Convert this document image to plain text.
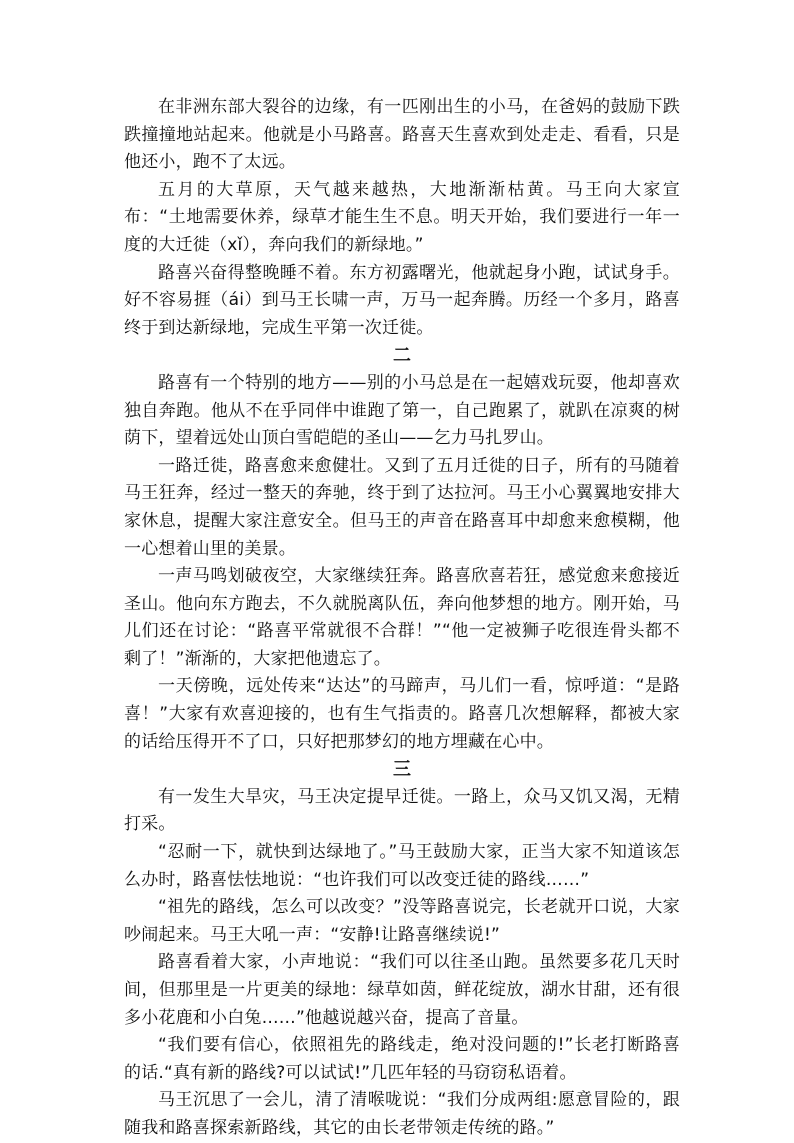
在非洲东部大裂谷的边缘，有一匹刚出生的小马，在爸妈的鼓励下跌跌撞撞地站起来。他就是小马路喜。路喜天生喜欢到处走走、看看，只是他还小，跑不了太远。

五月的大草原，天气越来越热，大地渐渐枯黄。马王向大家宣布：“土地需要休养，绿草才能生生不息。明天开始，我们要进行一年一度的大迁徙（xǐ），奔向我们的新绿地。”

路喜兴奋得整晚睡不着。东方初露曙光，他就起身小跑，试试身手。好不容易捱（ái）到马王长啸一声，万马一起奔腾。历经一个多月，路喜终于到达新绿地，完成生平第一次迁徙。

二

路喜有一个特别的地方——别的小马总是在一起嬉戏玩耍，他却喜欢独自奔跑。他从不在乎同伴中谁跑了第一，自己跑累了，就趴在凉爽的树荫下，望着远处山顶白雪皑皑的圣山——乞力马扎罗山。

一路迁徙，路喜愈来愈健壮。又到了五月迁徙的日子，所有的马随着马王狂奔，经过一整天的奔驰，终于到了达拉河。马王小心翼翼地安排大家休息，提醒大家注意安全。但马王的声音在路喜耳中却愈来愈模糊，他一心想着山里的美景。

一声马鸣划破夜空，大家继续狂奔。路喜欣喜若狂，感觉愈来愈接近圣山。他向东方跑去，不久就脱离队伍，奔向他梦想的地方。刚开始，马儿们还在讨论：“路喜平常就很不合群！”“他一定被狮子吃很连骨头都不剩了！”渐渐的，大家把他遗忘了。

一天傍晚，远处传来“达达”的马蹄声，马儿们一看，惊呼道：“是路喜！”大家有欢喜迎接的，也有生气指责的。路喜几次想解释，都被大家的话给压得开不了口，只好把那梦幻的地方埋藏在心中。

三

有一发生大旱灾，马王决定提早迁徙。一路上，众马又饥又渴，无精打采。

“忍耐一下，就快到达绿地了。”马王鼓励大家，正当大家不知道该怎么办时，路喜怯怯地说：“也许我们可以改变迁徒的路线……”

“祖先的路线，怎么可以改变？”没等路喜说完，长老就开口说，大家吵闹起来。马王大吼一声：“安静!让路喜继续说!”

路喜看着大家，小声地说：“我们可以往圣山跑。虽然要多花几天时间，但那里是一片更美的绿地：绿草如茵，鲜花绽放，湖水甘甜，还有很多小花鹿和小白兔……”他越说越兴奋，提高了音量。

“我们要有信心，依照祖先的路线走，绝对没问题的!”长老打断路喜的话.“真有新的路线?可以试试!”几匹年轻的马窃窃私语着。

马王沉思了一会儿，清了清喉咙说：“我们分成两组:愿意冒险的，跟随我和路喜探索新路线，其它的由长老带领走传统的路。”
